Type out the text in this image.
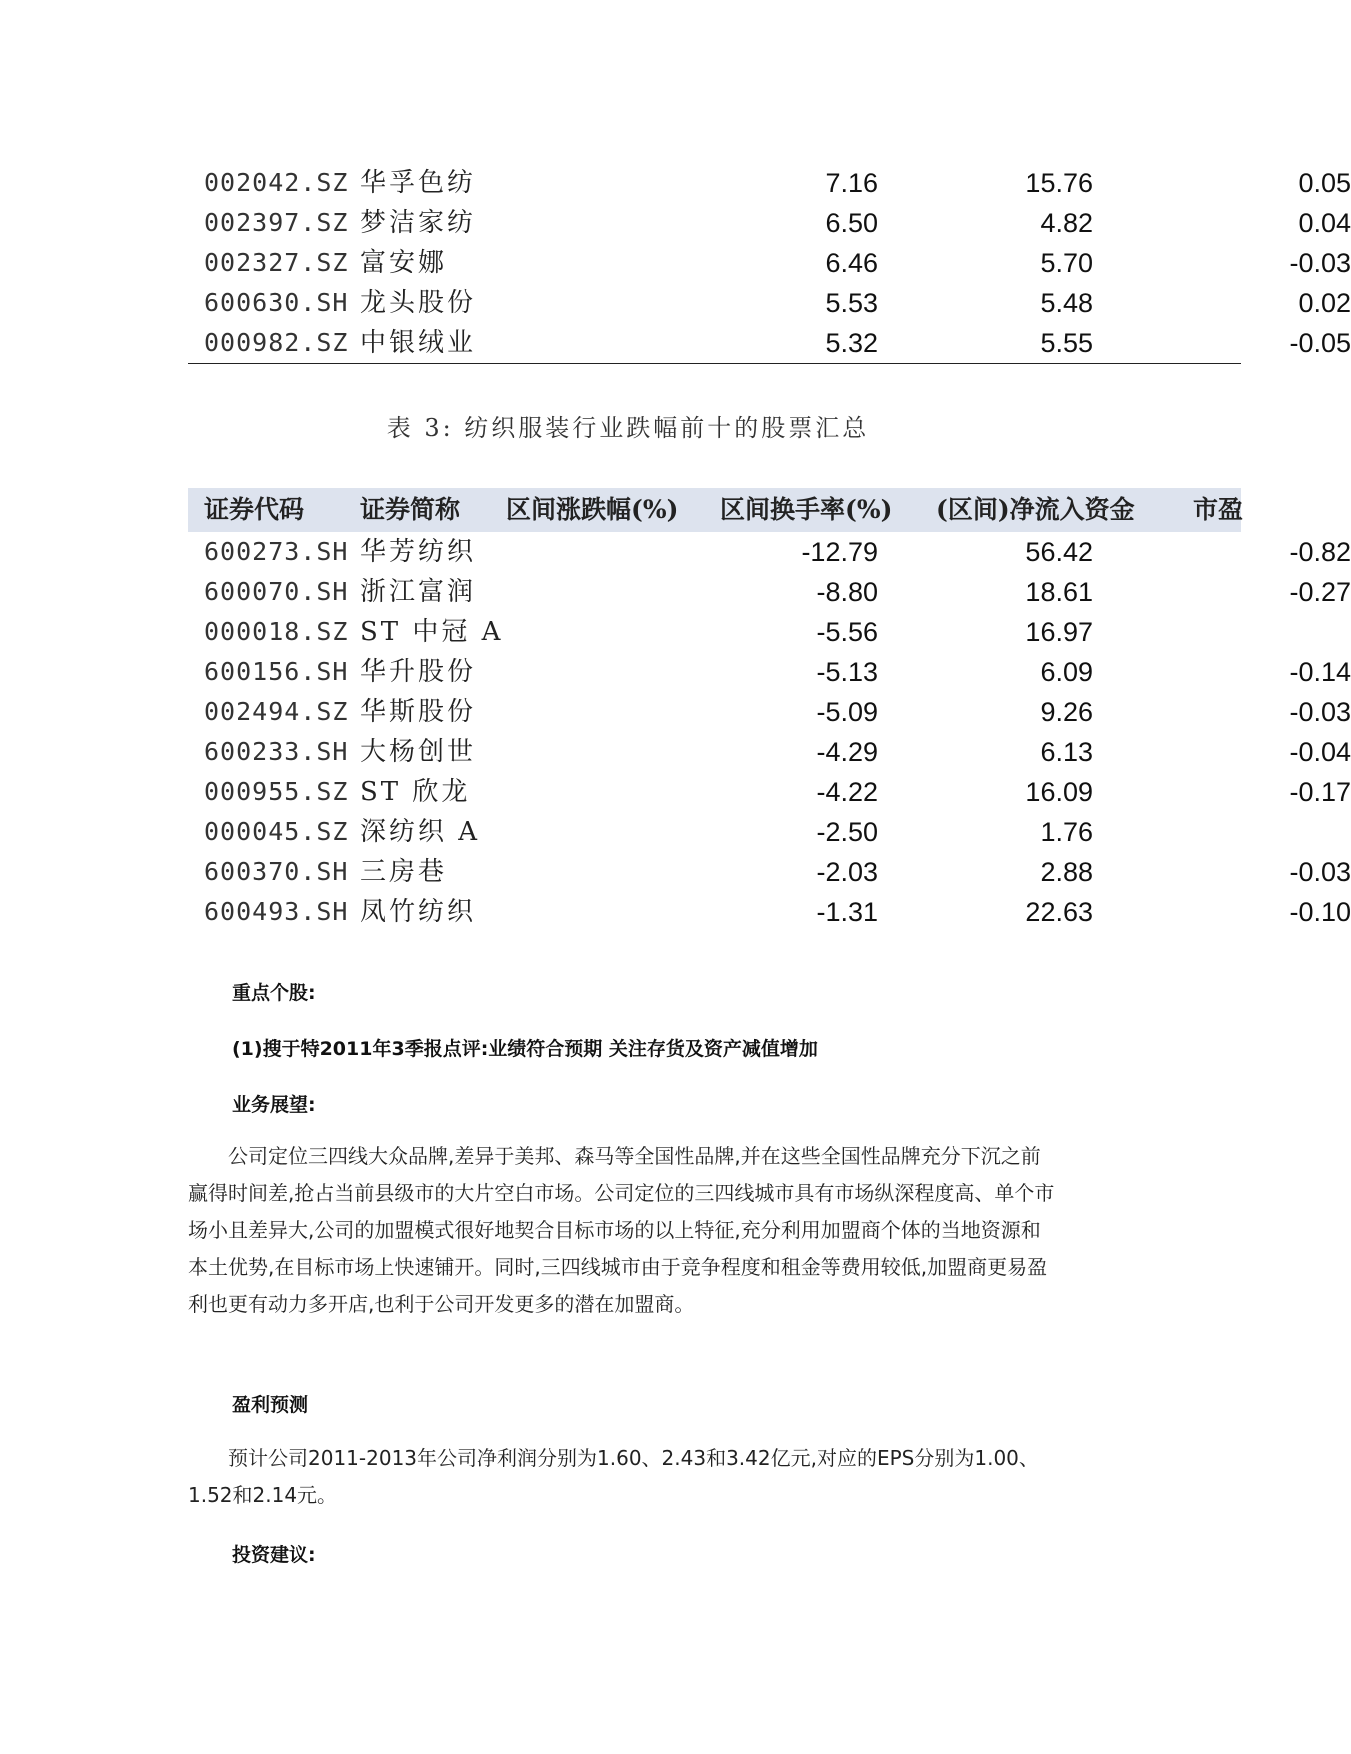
002042.SZ 华孚色纺	7.16	15.76	0.05
002397.SZ 梦洁家纺	6.50	4.82	0.04
002327.SZ 富安娜	6.46	5.70	-0.03
600630.SH 龙头股份	5.53	5.48	0.02
000982.SZ 中银绒业	5.32	5.55	-0.05
表 3: 纺织服装行业跌幅前十的股票汇总
证券代码 证券简称 区间涨跌幅(%) 区间换手率(%) (区间)净流入资金 市盈
600273.SH 华芳纺织	-12.79	56.42	-0.82
600070.SH 浙江富润	-8.80	18.61	-0.27
000018.SZ ST 中冠 A	-5.56	16.97
600156.SH 华升股份	-5.13	6.09	-0.14
002494.SZ 华斯股份	-5.09	9.26	-0.03
600233.SH 大杨创世	-4.29	6.13	-0.04
000955.SZ ST 欣龙	-4.22	16.09	-0.17
000045.SZ 深纺织 A	-2.50	1.76
600370.SH 三房巷	-2.03	2.88	-0.03
600493.SH 凤竹纺织	-1.31	22.63	-0.10
重点个股:
(1)搜于特2011年3季报点评:业绩符合预期 关注存货及资产减值增加
业务展望:

公司定位三四线大众品牌,差异于美邦、森马等全国性品牌,并在这些全国性品牌充分下沉之前赢得时间差,抢占当前县级市的大片空白市场。公司定位的三四线城市具有市场纵深程度高、单个市场小且差异大,公司的加盟模式很好地契合目标市场的以上特征,充分利用加盟商个体的当地资源和本土优势,在目标市场上快速铺开。同时,三四线城市由于竞争程度和租金等费用较低,加盟商更易盈利也更有动力多开店,也利于公司开发更多的潜在加盟商。

盈利预测

预计公司2011-2013年公司净利润分别为1.60、2.43和3.42亿元,对应的EPS分别为1.00、1.52和2.14元。

投资建议:
